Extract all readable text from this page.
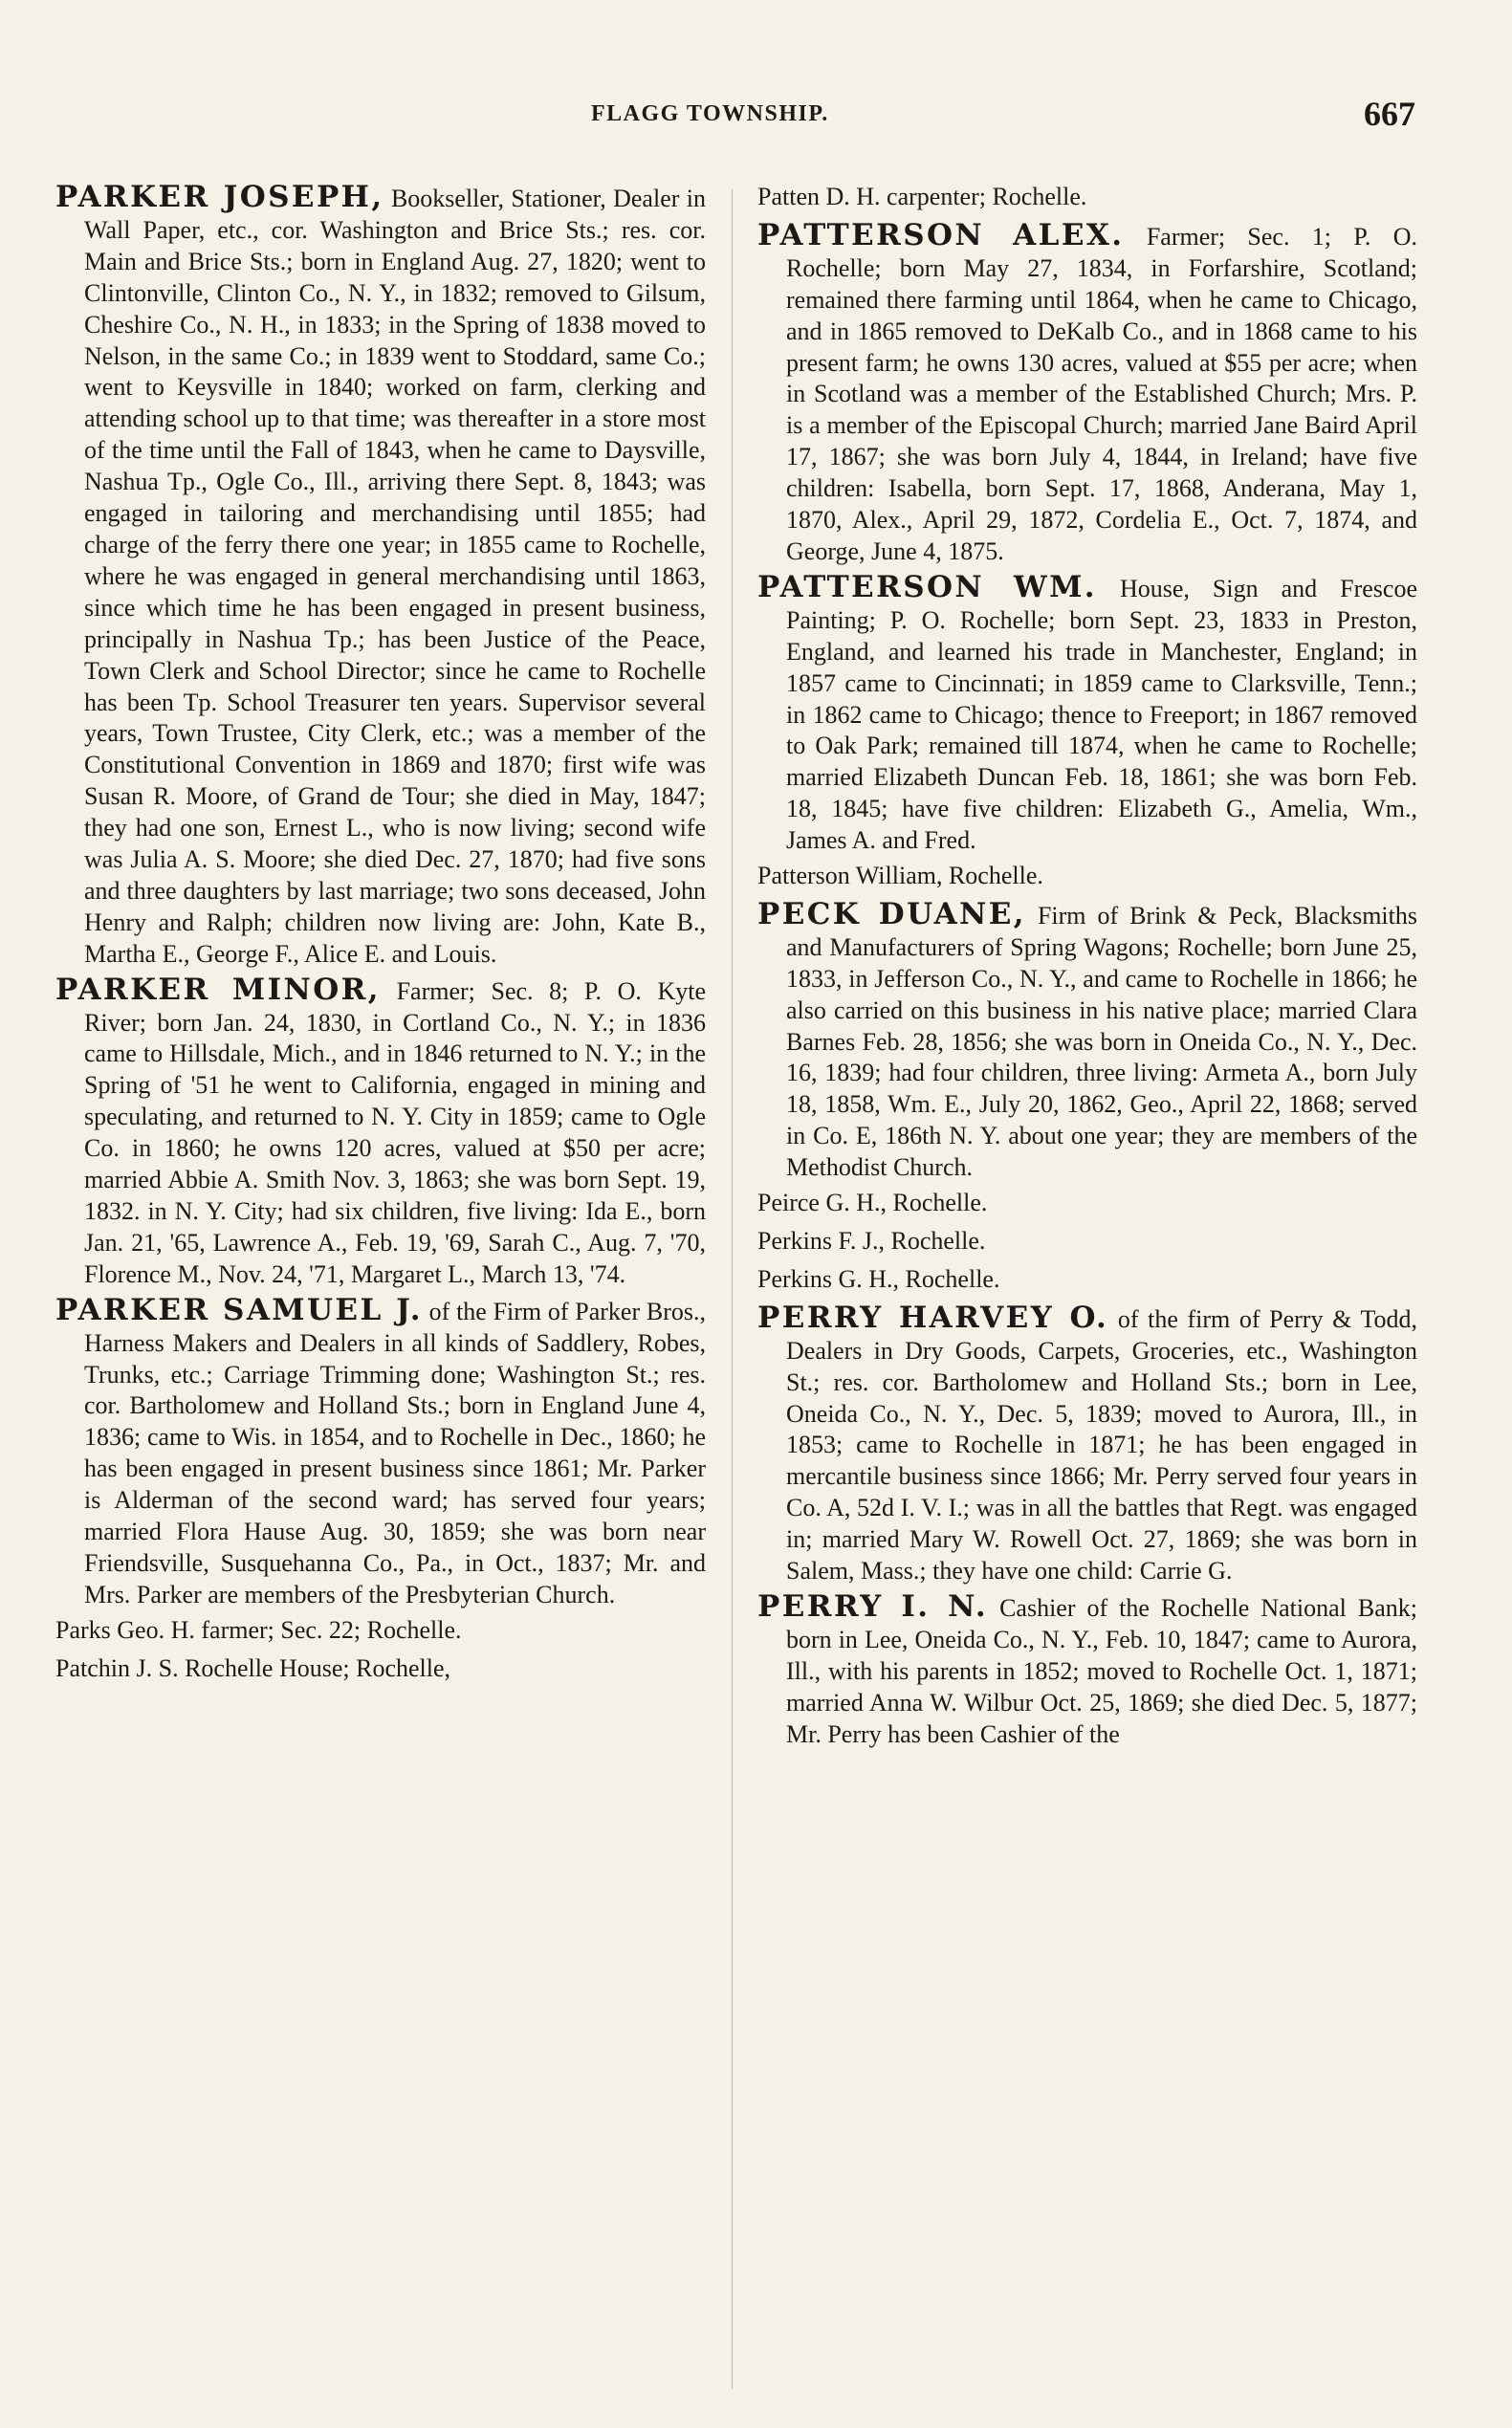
FLAGG TOWNSHIP.	667

PARKER JOSEPH, Bookseller, Stationer, Dealer in Wall Paper, etc., cor. Washington and Brice Sts.; res. cor. Main and Brice Sts.; born in England Aug. 27, 1820; went to Clintonville, Clinton Co., N. Y., in 1832; removed to Gilsum, Cheshire Co., N. H., in 1833; in the Spring of 1838 moved to Nelson, in the same Co.; in 1839 went to Stoddard, same Co.; went to Keysville in 1840; worked on farm, clerking and attending school up to that time; was thereafter in a store most of the time until the Fall of 1843, when he came to Daysville, Nashua Tp., Ogle Co., Ill., arriving there Sept. 8, 1843; was engaged in tailoring and merchandising until 1855; had charge of the ferry there one year; in 1855 came to Rochelle, where he was engaged in general merchandising until 1863, since which time he has been engaged in present business, principally in Nashua Tp.; has been Justice of the Peace, Town Clerk and School Director; since he came to Rochelle has been Tp. School Treasurer ten years. Supervisor several years, Town Trustee, City Clerk, etc.; was a member of the Constitutional Convention in 1869 and 1870; first wife was Susan R. Moore, of Grand de Tour; she died in May, 1847; they had one son, Ernest L., who is now living; second wife was Julia A. S. Moore; she died Dec. 27, 1870; had five sons and three daughters by last marriage; two sons deceased, John Henry and Ralph; children now living are: John, Kate B., Martha E., George F., Alice E. and Louis.

PARKER MINOR, Farmer; Sec. 8; P. O. Kyte River; born Jan. 24, 1830, in Cortland Co., N. Y.; in 1836 came to Hillsdale, Mich., and in 1846 returned to N. Y.; in the Spring of '51 he went to California, engaged in mining and speculating, and returned to N. Y. City in 1859; came to Ogle Co. in 1860; he owns 120 acres, valued at $50 per acre; married Abbie A. Smith Nov. 3, 1863; she was born Sept. 19, 1832. in N. Y. City; had six children, five living: Ida E., born Jan. 21, '65, Lawrence A., Feb. 19, '69, Sarah C., Aug. 7, '70, Florence M., Nov. 24, '71, Margaret L., March 13, '74.

PARKER SAMUEL J. of the Firm of Parker Bros., Harness Makers and Dealers in all kinds of Saddlery, Robes, Trunks, etc.; Carriage Trimming done; Washington St.; res. cor. Bartholomew and Holland Sts.; born in England June 4, 1836; came to Wis. in 1854, and to Rochelle in Dec., 1860; he has been engaged in present business since 1861; Mr. Parker is Alderman of the second ward; has served four years; married Flora Hause Aug. 30, 1859; she was born near Friendsville, Susquehanna Co., Pa., in Oct., 1837; Mr. and Mrs. Parker are members of the Presbyterian Church.

Parks Geo. H. farmer; Sec. 22; Rochelle.

Patchin J. S. Rochelle House; Rochelle,

Patten D. H. carpenter; Rochelle.

PATTERSON ALEX. Farmer; Sec. 1; P. O. Rochelle; born May 27, 1834, in Forfarshire, Scotland; remained there farming until 1864, when he came to Chicago, and in 1865 removed to DeKalb Co., and in 1868 came to his present farm; he owns 130 acres, valued at $55 per acre; when in Scotland was a member of the Established Church; Mrs. P. is a member of the Episcopal Church; married Jane Baird April 17, 1867; she was born July 4, 1844, in Ireland; have five children: Isabella, born Sept. 17, 1868, Anderana, May 1, 1870, Alex., April 29, 1872, Cordelia E., Oct. 7, 1874, and George, June 4, 1875.

PATTERSON WM. House, Sign and Frescoe Painting; P. O. Rochelle; born Sept. 23, 1833 in Preston, England, and learned his trade in Manchester, England; in 1857 came to Cincinnati; in 1859 came to Clarksville, Tenn.; in 1862 came to Chicago; thence to Freeport; in 1867 removed to Oak Park; remained till 1874, when he came to Rochelle; married Elizabeth Duncan Feb. 18, 1861; she was born Feb. 18, 1845; have five children: Elizabeth G., Amelia, Wm., James A. and Fred.

Patterson William, Rochelle.

PECK DUANE, Firm of Brink & Peck, Blacksmiths and Manufacturers of Spring Wagons; Rochelle; born June 25, 1833, in Jefferson Co., N. Y., and came to Rochelle in 1866; he also carried on this business in his native place; married Clara Barnes Feb. 28, 1856; she was born in Oneida Co., N. Y., Dec. 16, 1839; had four children, three living: Armeta A., born July 18, 1858, Wm. E., July 20, 1862, Geo., April 22, 1868; served in Co. E, 186th N. Y. about one year; they are members of the Methodist Church.

Peirce G. H., Rochelle.

Perkins F. J., Rochelle.

Perkins G. H., Rochelle.

PERRY HARVEY O. of the firm of Perry & Todd, Dealers in Dry Goods, Carpets, Groceries, etc., Washington St.; res. cor. Bartholomew and Holland Sts.; born in Lee, Oneida Co., N. Y., Dec. 5, 1839; moved to Aurora, Ill., in 1853; came to Rochelle in 1871; he has been engaged in mercantile business since 1866; Mr. Perry served four years in Co. A, 52d I. V. I.; was in all the battles that Regt. was engaged in; married Mary W. Rowell Oct. 27, 1869; she was born in Salem, Mass.; they have one child: Carrie G.

PERRY I. N. Cashier of the Rochelle National Bank; born in Lee, Oneida Co., N. Y., Feb. 10, 1847; came to Aurora, Ill., with his parents in 1852; moved to Rochelle Oct. 1, 1871; married Anna W. Wilbur Oct. 25, 1869; she died Dec. 5, 1877; Mr. Perry has been Cashier of the
